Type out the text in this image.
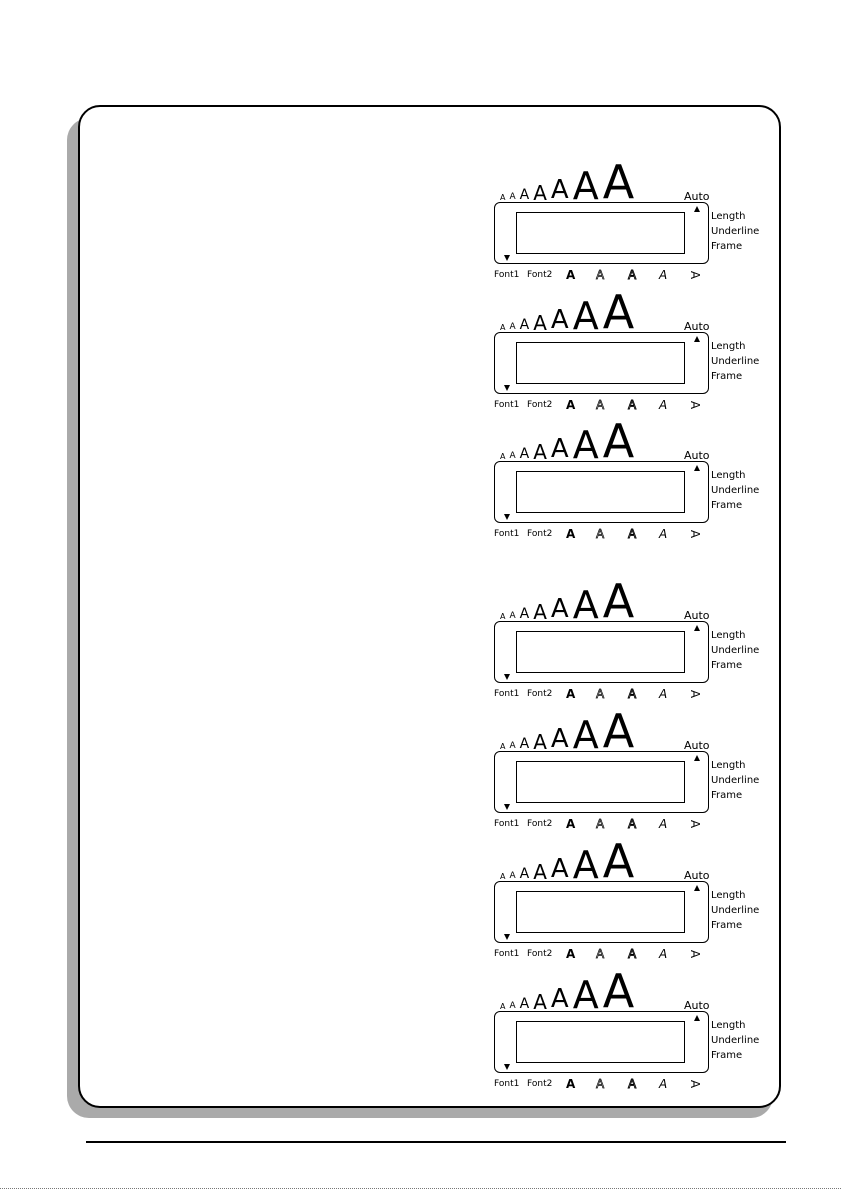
A A A A A A A	Auto
Length
Underline
Frame
Font1 Font2 A A A A A
A A A A A A A	Auto
Length
Underline
Frame
Font1 Font2 A A A A A
A A A A A A A	Auto
Length
Underline
Frame
Font1 Font2 A A A A A
A A A A A A A	Auto
Length
Underline
Frame
Font1 Font2 A A A A A
A A A A A A A	Auto
Length
Underline
Frame
Font1 Font2 A A A A A
A A A A A A A	Auto
Length
Underline
Frame
Font1 Font2 A A A A A
A A A A A A A	Auto
Length
Underline
Frame
Font1 Font2 A A A A A
